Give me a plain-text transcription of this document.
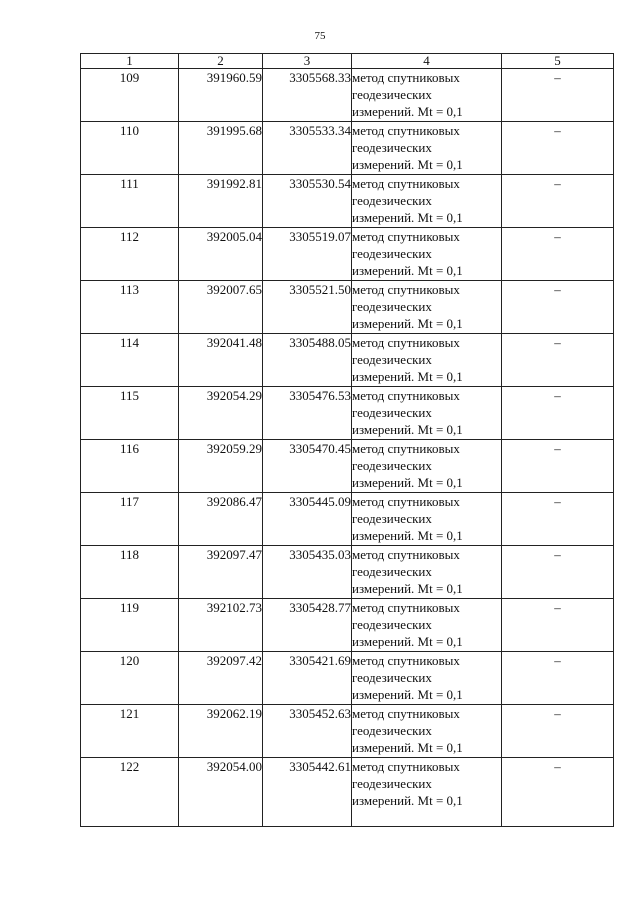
75
1	2	3	4	5
109	391960.59	3305568.33	метод спутниковых
геодезических
измерений. Mt = 0,1	–
110	391995.68	3305533.34	метод спутниковых
геодезических
измерений. Mt = 0,1	–
111	391992.81	3305530.54	метод спутниковых
геодезических
измерений. Mt = 0,1	–
112	392005.04	3305519.07	метод спутниковых
геодезических
измерений. Mt = 0,1	–
113	392007.65	3305521.50	метод спутниковых
геодезических
измерений. Mt = 0,1	–
114	392041.48	3305488.05	метод спутниковых
геодезических
измерений. Mt = 0,1	–
115	392054.29	3305476.53	метод спутниковых
геодезических
измерений. Mt = 0,1	–
116	392059.29	3305470.45	метод спутниковых
геодезических
измерений. Mt = 0,1	–
117	392086.47	3305445.09	метод спутниковых
геодезических
измерений. Mt = 0,1	–
118	392097.47	3305435.03	метод спутниковых
геодезических
измерений. Mt = 0,1	–
119	392102.73	3305428.77	метод спутниковых
геодезических
измерений. Mt = 0,1	–
120	392097.42	3305421.69	метод спутниковых
геодезических
измерений. Mt = 0,1	–
121	392062.19	3305452.63	метод спутниковых
геодезических
измерений. Mt = 0,1	–
122	392054.00	3305442.61	метод спутниковых
геодезических
измерений. Mt = 0,1	–
